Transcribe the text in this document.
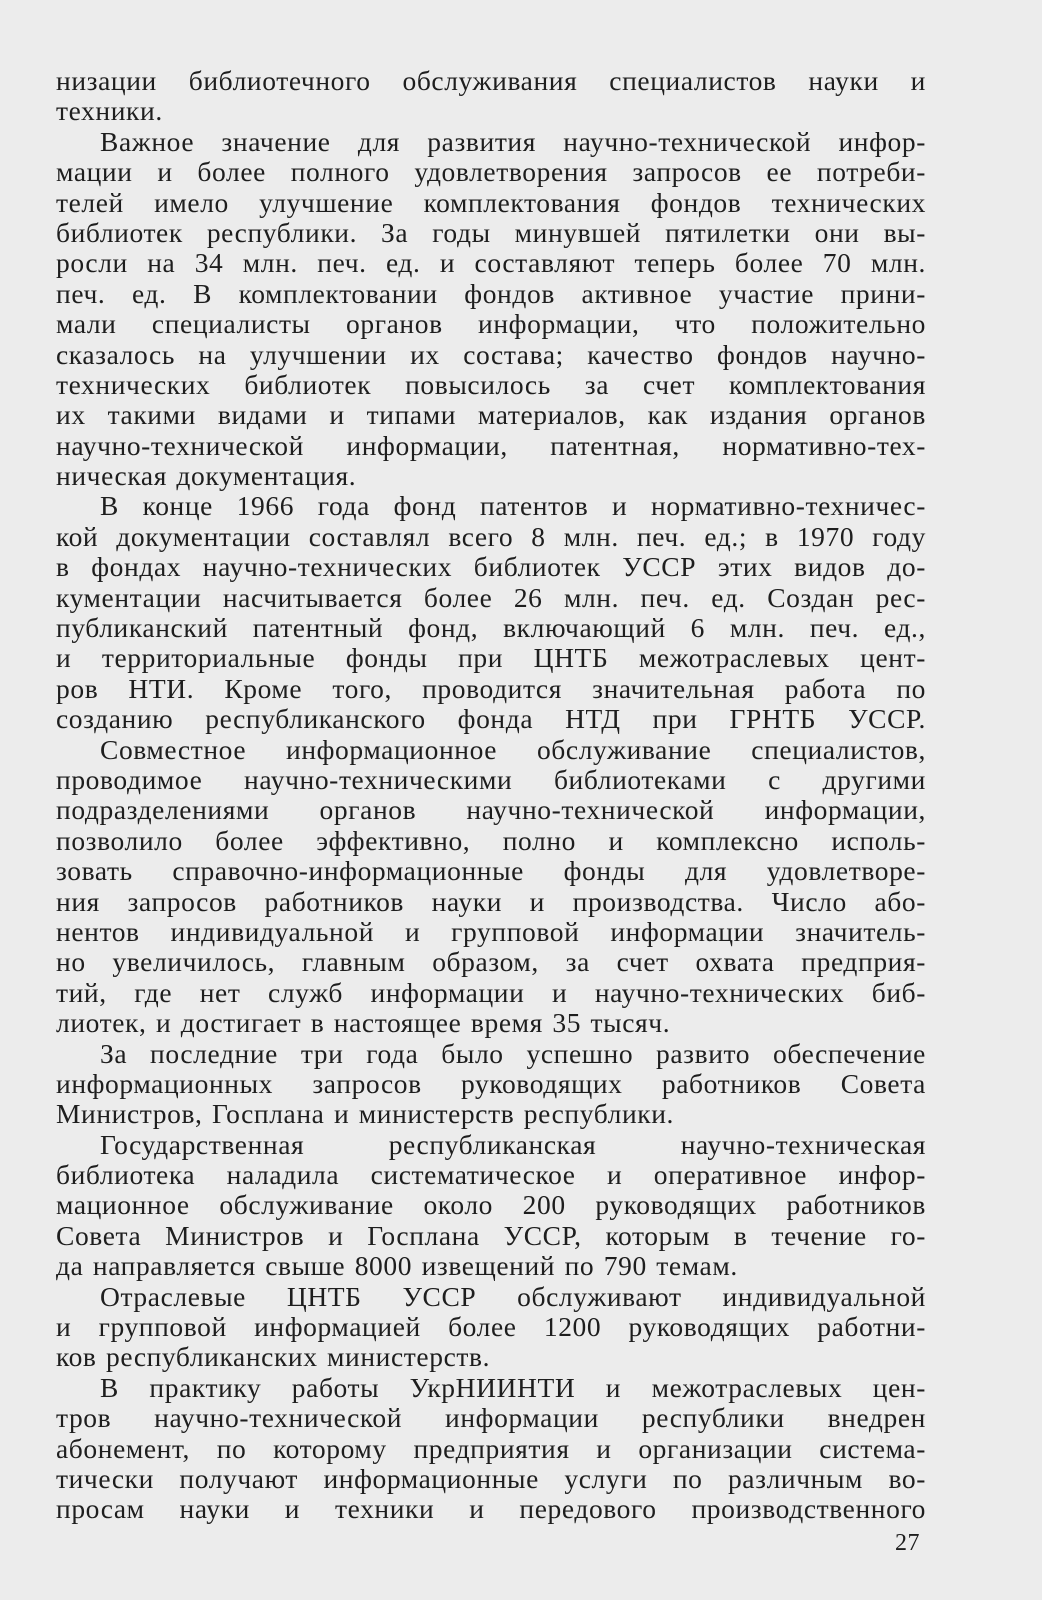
низации библиотечного обслуживания специалистов науки и
техники.
Важное значение для развития научно-технической инфор-
мации и более полного удовлетворения запросов ее потреби-
телей имело улучшение комплектования фондов технических
библиотек республики. За годы минувшей пятилетки они вы-
росли на 34 млн. печ. ед. и составляют теперь более 70 млн.
печ. ед. В комплектовании фондов активное участие прини-
мали специалисты органов информации, что положительно
сказалось на улучшении их состава; качество фондов научно-
технических библиотек повысилось за счет комплектования
их такими видами и типами материалов, как издания органов
научно-технической информации, патентная, нормативно-тех-
ническая документация.
В конце 1966 года фонд патентов и нормативно-техничес-
кой документации составлял всего 8 млн. печ. ед.; в 1970 году
в фондах научно-технических библиотек УССР этих видов до-
кументации насчитывается более 26 млн. печ. ед. Создан рес-
публиканский патентный фонд, включающий 6 млн. печ. ед.,
и территориальные фонды при ЦНТБ межотраслевых цент-
ров НТИ. Кроме того, проводится значительная работа по
созданию республиканского фонда НТД при ГРНТБ УССР.
Совместное информационное обслуживание специалистов,
проводимое научно-техническими библиотеками с другими
подразделениями органов научно-технической информации,
позволило более эффективно, полно и комплексно исполь-
зовать справочно-информационные фонды для удовлетворе-
ния запросов работников науки и производства. Число або-
нентов индивидуальной и групповой информации значитель-
но увеличилось, главным образом, за счет охвата предприя-
тий, где нет служб информации и научно-технических биб-
лиотек, и достигает в настоящее время 35 тысяч.
За последние три года было успешно развито обеспечение
информационных запросов руководящих работников Совета
Министров, Госплана и министерств республики.
Государственная республиканская научно-техническая
библиотека наладила систематическое и оперативное инфор-
мационное обслуживание около 200 руководящих работников
Совета Министров и Госплана УССР, которым в течение го-
да направляется свыше 8000 извещений по 790 темам.
Отраслевые ЦНТБ УССР обслуживают индивидуальной
и групповой информацией более 1200 руководящих работни-
ков республиканских министерств.
В практику работы УкрНИИНТИ и межотраслевых цен-
тров научно-технической информации республики внедрен
абонемент, по которому предприятия и организации система-
тически получают информационные услуги по различным во-
просам науки и техники и передового производственного
27
